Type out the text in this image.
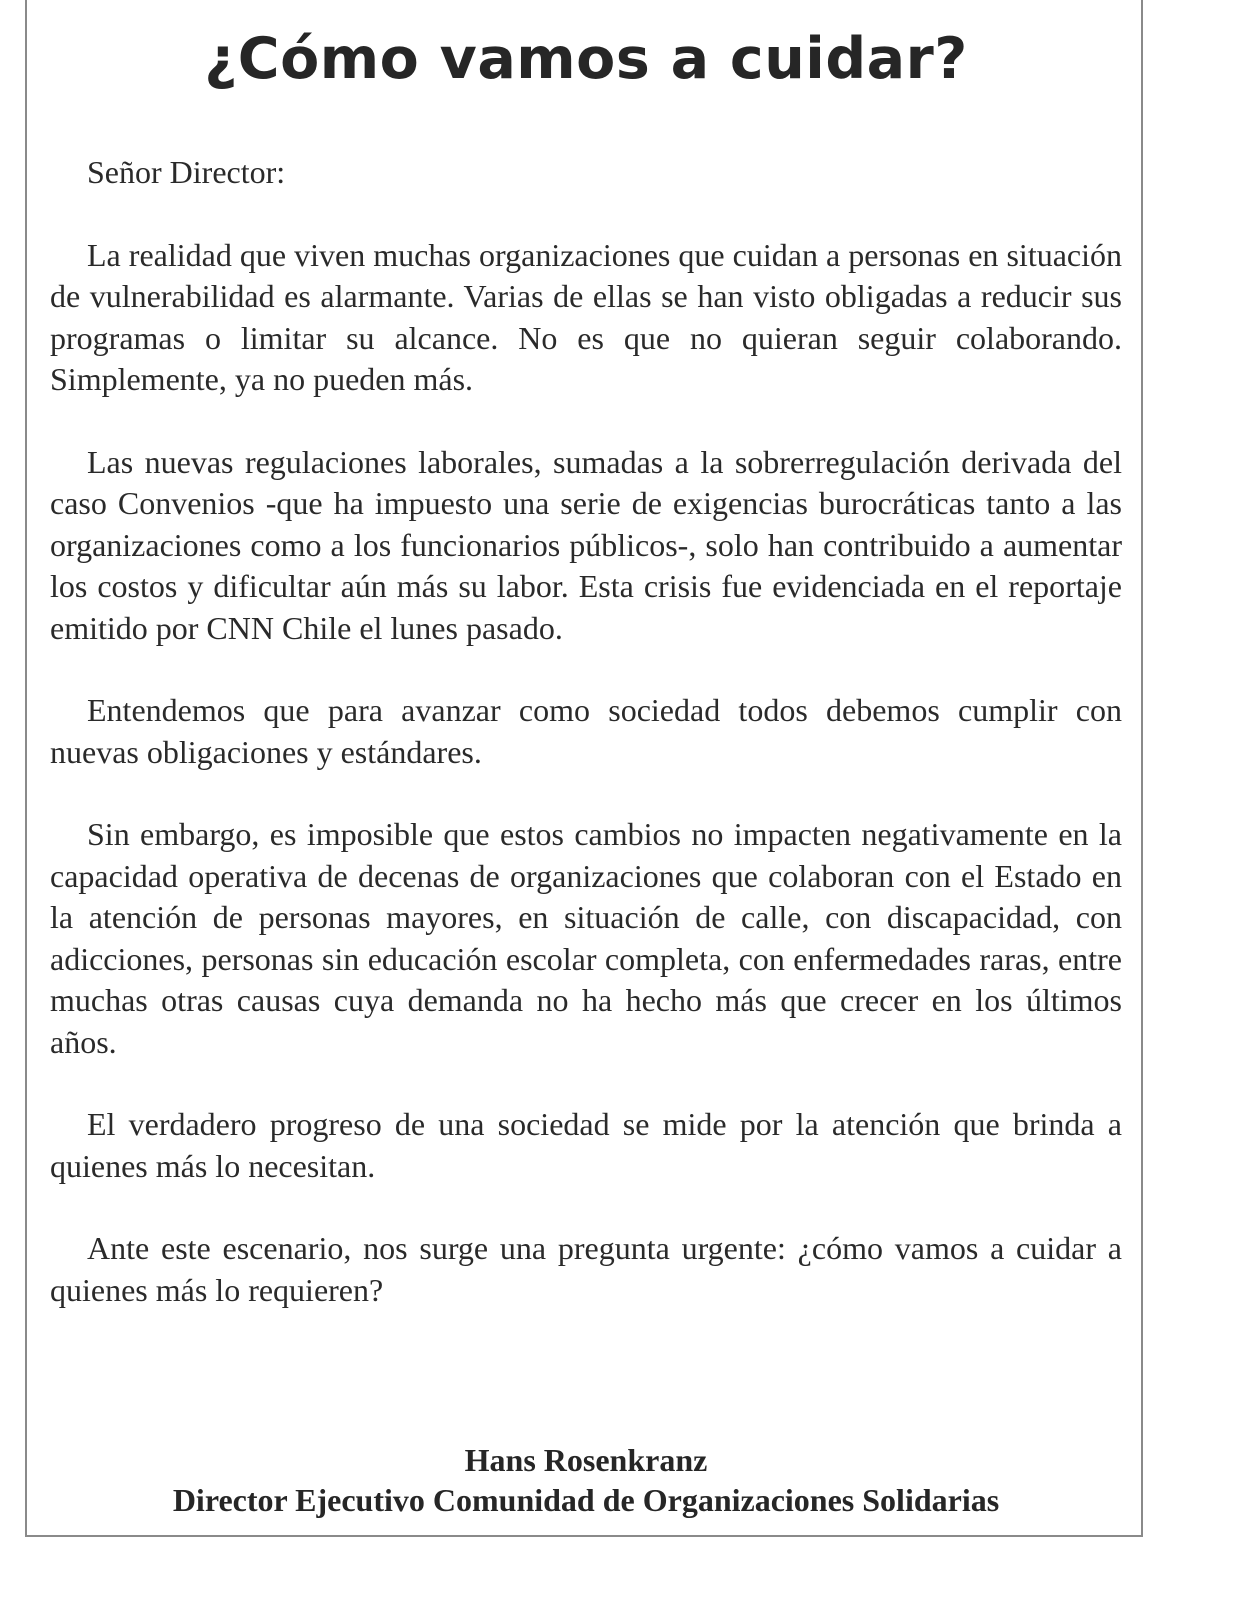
¿Cómo vamos a cuidar?

Señor Director:

La realidad que viven muchas organizaciones que cuidan a personas en situación de vulnerabilidad es alarmante. Varias de ellas se han visto obligadas a reducir sus programas o limitar su alcance. No es que no quieran seguir colaborando. Simplemente, ya no pueden más.

Las nuevas regulaciones laborales, sumadas a la sobrerregulación derivada del caso Convenios -que ha impuesto una serie de exigencias burocráticas tanto a las organizaciones como a los funcionarios públicos-, solo han contribuido a aumentar los costos y dificultar aún más su labor. Esta crisis fue evidenciada en el reportaje emitido por CNN Chile el lunes pasado.

Entendemos que para avanzar como sociedad todos debemos cumplir con nuevas obligaciones y estándares.

Sin embargo, es imposible que estos cambios no impacten negativamente en la capacidad operativa de decenas de organizaciones que colaboran con el Estado en la atención de personas mayores, en situación de calle, con discapacidad, con adicciones, personas sin educación escolar completa, con enfermedades raras, entre muchas otras causas cuya demanda no ha hecho más que crecer en los últimos años.

El verdadero progreso de una sociedad se mide por la atención que brinda a quienes más lo necesitan.

Ante este escenario, nos surge una pregunta urgente: ¿cómo vamos a cuidar a quienes más lo requieren?

Hans Rosenkranz
Director Ejecutivo Comunidad de Organizaciones Solidarias
